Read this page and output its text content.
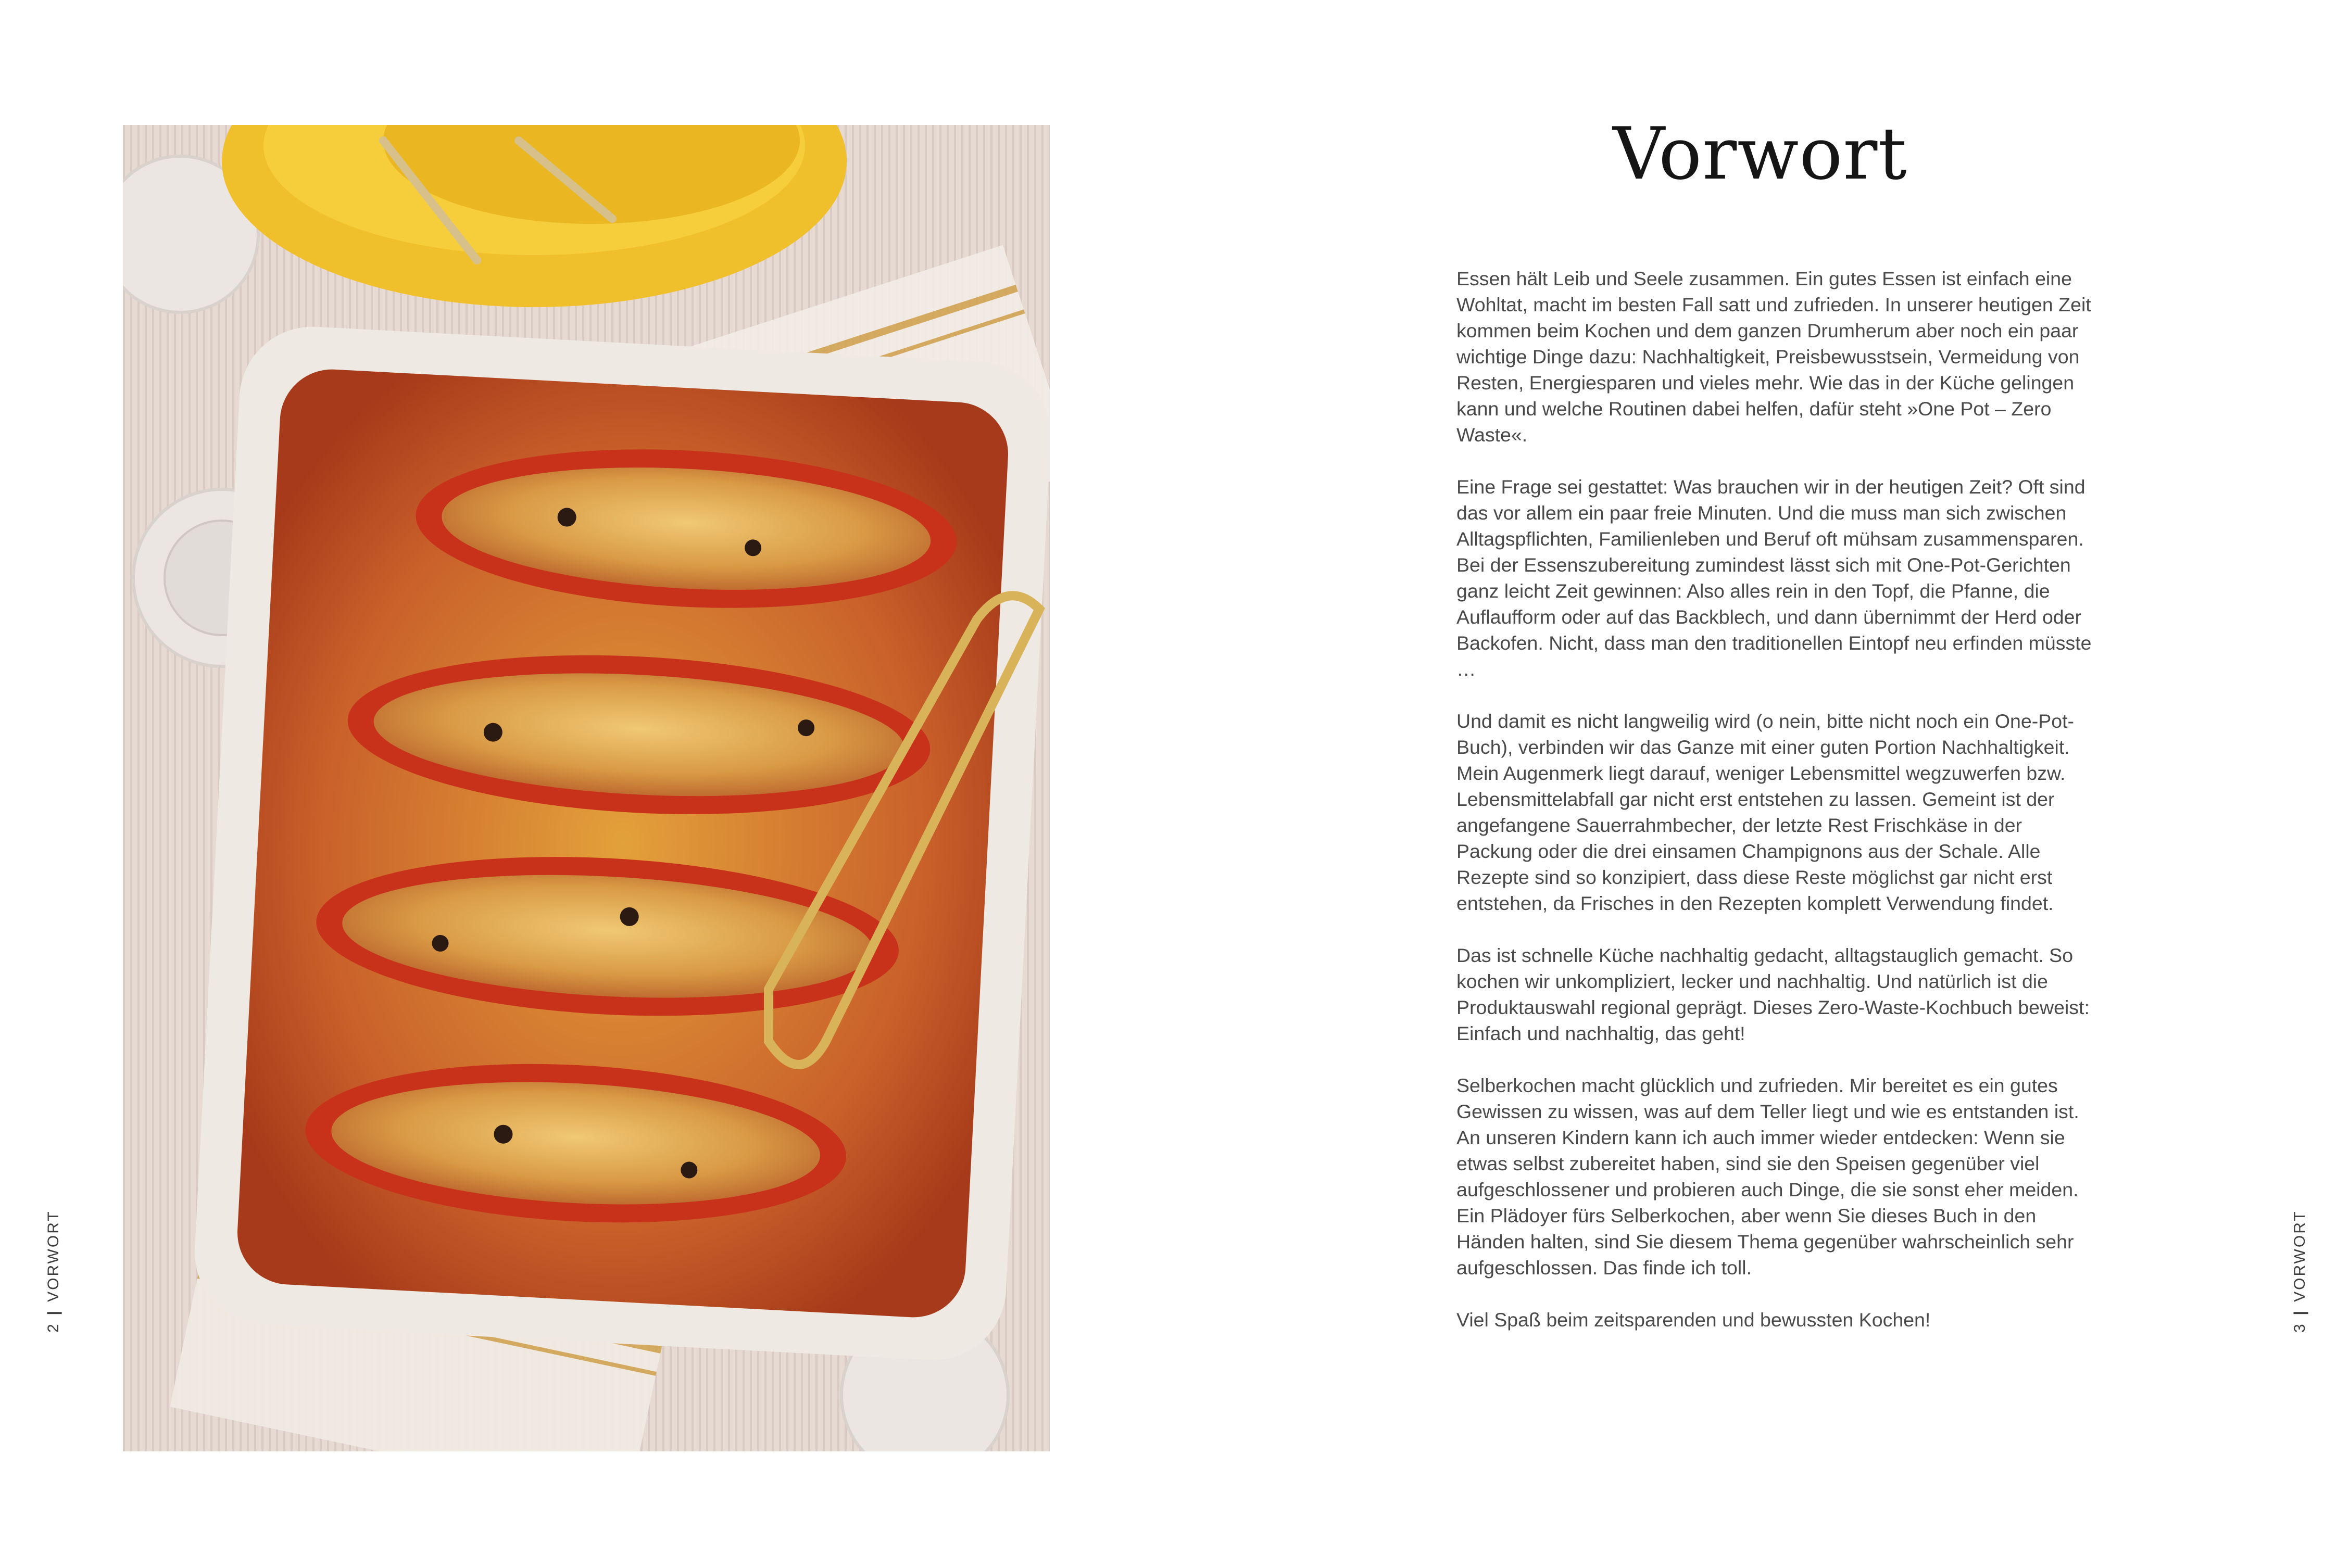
2|VORWORT
Vorwort

Essen hält Leib und Seele zusammen. Ein gutes Essen ist einfach eine Wohltat, macht im besten Fall satt und zufrieden. In unserer heutigen Zeit kommen beim Kochen und dem ganzen Drumherum aber noch ein paar wichtige Dinge dazu: Nachhaltigkeit, Preisbewusstsein, Vermeidung von Resten, Energiesparen und vieles mehr. Wie das in der Küche gelingen kann und welche Routinen dabei helfen, dafür steht »One Pot – Zero Waste«.

Eine Frage sei gestattet: Was brauchen wir in der heutigen Zeit? Oft sind das vor allem ein paar freie Minuten. Und die muss man sich zwischen Alltagspflichten, Familienleben und Beruf oft mühsam zusammensparen. Bei der Essenszubereitung zumindest lässt sich mit One-Pot-Gerichten ganz leicht Zeit gewinnen: Also alles rein in den Topf, die Pfanne, die Auflaufform oder auf das Backblech, und dann übernimmt der Herd oder Backofen. Nicht, dass man den traditionellen Eintopf neu erfinden müsste …

Und damit es nicht langweilig wird (o nein, bitte nicht noch ein One-Pot-Buch), verbinden wir das Ganze mit einer guten Portion Nachhaltigkeit. Mein Augenmerk liegt darauf, weniger Lebensmittel wegzuwerfen bzw. Lebensmittelabfall gar nicht erst entstehen zu lassen. Gemeint ist der angefangene Sauerrahmbecher, der letzte Rest Frischkäse in der Packung oder die drei einsamen Champignons aus der Schale. Alle Rezepte sind so konzipiert, dass diese Reste möglichst gar nicht erst entstehen, da Frisches in den Rezepten komplett Verwendung findet.

Das ist schnelle Küche nachhaltig gedacht, alltagstauglich gemacht. So kochen wir unkompliziert, lecker und nachhaltig. Und natürlich ist die Produktauswahl regional geprägt. Dieses Zero-Waste-Kochbuch beweist: Einfach und nachhaltig, das geht!

Selberkochen macht glücklich und zufrieden. Mir bereitet es ein gutes Gewissen zu wissen, was auf dem Teller liegt und wie es entstanden ist. An unseren Kindern kann ich auch immer wieder entdecken: Wenn sie etwas selbst zubereitet haben, sind sie den Speisen gegenüber viel aufgeschlossener und probieren auch Dinge, die sie sonst eher meiden. Ein Plädoyer fürs Selberkochen, aber wenn Sie dieses Buch in den Händen halten, sind Sie diesem Thema gegenüber wahrscheinlich sehr aufgeschlossen. Das finde ich toll.

Viel Spaß beim zeitsparenden und bewussten Kochen!	3|VORWORT
